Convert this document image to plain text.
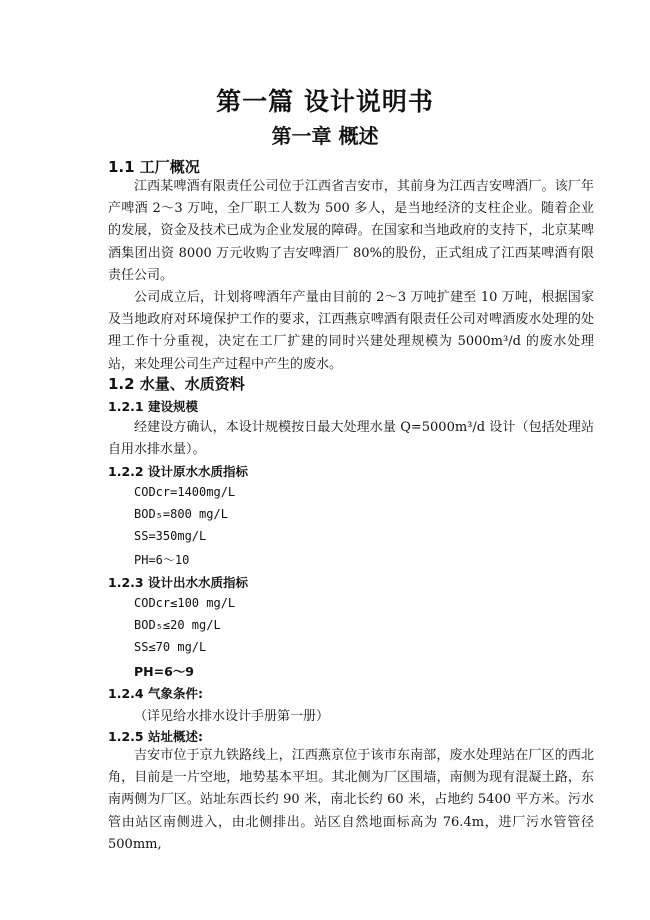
第一篇 设计说明书
第一章 概述
1.1 工厂概况
江西某啤酒有限责任公司位于江西省吉安市，其前身为江西吉安啤酒厂。该厂年产啤酒 2～3 万吨，全厂职工人数为 500 多人，是当地经济的支柱企业。随着企业的发展，资金及技术已成为企业发展的障碍。在国家和当地政府的支持下，北京某啤酒集团出资 8000 万元收购了吉安啤酒厂 80%的股份，正式组成了江西某啤酒有限责任公司。
公司成立后，计划将啤酒年产量由目前的 2～3 万吨扩建至 10 万吨，根据国家及当地政府对环境保护工作的要求，江西燕京啤酒有限责任公司对啤酒废水处理的处理工作十分重视，决定在工厂扩建的同时兴建处理规模为 5000m³/d 的废水处理站，来处理公司生产过程中产生的废水。
1.2 水量、水质资料
1.2.1 建设规模
经建设方确认，本设计规模按日最大处理水量 Q=5000m³/d 设计（包括处理站自用水排水量）。
1.2.2 设计原水水质指标
CODcr=1400mg/L
BOD₅=800 mg/L
SS=350mg/L
PH=6～10
1.2.3 设计出水水质指标
CODcr≤100 mg/L
BOD₅≤20 mg/L
SS≤70 mg/L
PH=6～9
1.2.4 气象条件:
（详见给水排水设计手册第一册）
1.2.5 站址概述:
吉安市位于京九铁路线上，江西燕京位于该市东南部，废水处理站在厂区的西北角，目前是一片空地，地势基本平坦。其北侧为厂区围墙，南侧为现有混凝土路，东南两侧为厂区。站址东西长约 90 米，南北长约 60 米，占地约 5400 平方米。污水管由站区南侧进入，由北侧排出。站区自然地面标高为 76.4m，进厂污水管管径 500mm,
